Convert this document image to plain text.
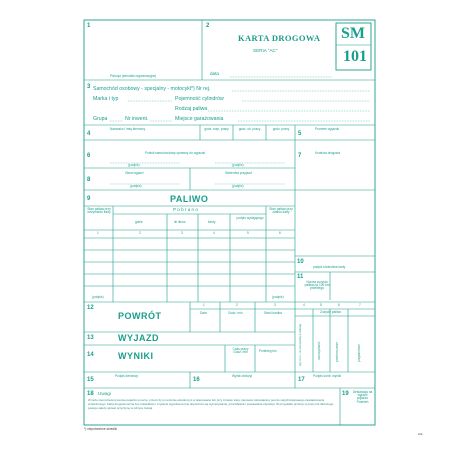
SM
101
1
Pieczęć jednostki organizacyjnej
2
KARTA DROGOWA
SERIA "AC"
data
3 Samochód osobowy - specjalny - motocykl*) Nr rej.
Marka i typ	Pojemność cylindrów
Rodzaj paliwa
Grupa	Nr inwent.	Miejsce garażowania
4
Nazwisko i imię kierowcy	godz. rozp. pracy	godz. uk. pracy	godz. pracy
5
Promień wyjazdu
6	Polecił samochodowy sprawny do wyjazdu
(podpis)	(podpis)
7	Kontrola drogowa
8
Zleca wyjazd	Stwierdza przyjazd
(podpis)	(podpis)
9	PALIWO
Stan paliwa przy otrzymaniu karty
P o b r a n o
gdzie	ile litrów	kiedy
podpis wydającego
Stan paliwa przy zdaniu karty
1	2	3	4	5	6
(podpis)	(podpis)
10
podpis kontrolera karty
11
Norma zużycia paliwa na 100 km przebiegu
12
POWRÓT
1	2	3
Data	Godz. min	Stan licznika
4	5	6	7
Zużycie paliwa
wg norm. na rzeczywisty przebieg	oszczędność	przekroczenie	przydzielone
13	WYJAZD
14	WYNIKI
Czas pracy Godz. min	Przebieg km
15
Podpis kierowcy
16
Wynik obliczył
17
Podpis kontr. wyniki
18 Uwagi
W razie niemożności powrotu pojazdu w porze, przed czy po terminie określonym w skierowaniu lub przy zmianie trasy, kierowca zobowiązany jest do natychmiastowego zawiadomienia przełożonego. Karta drogowa winna być prawidłowo i czytelnie wypełniona (nie dopuszcza się wymazywania, przerabiania i poprawiania zapisów). W przypadku przerwy w pracy lub dłuższego postoju należy wpisać przyczynę w rubryce Uwagi.
19 Deklaracja na wyjazd pojazdu Promień
*) niepotrzebne skreślić
Ark
